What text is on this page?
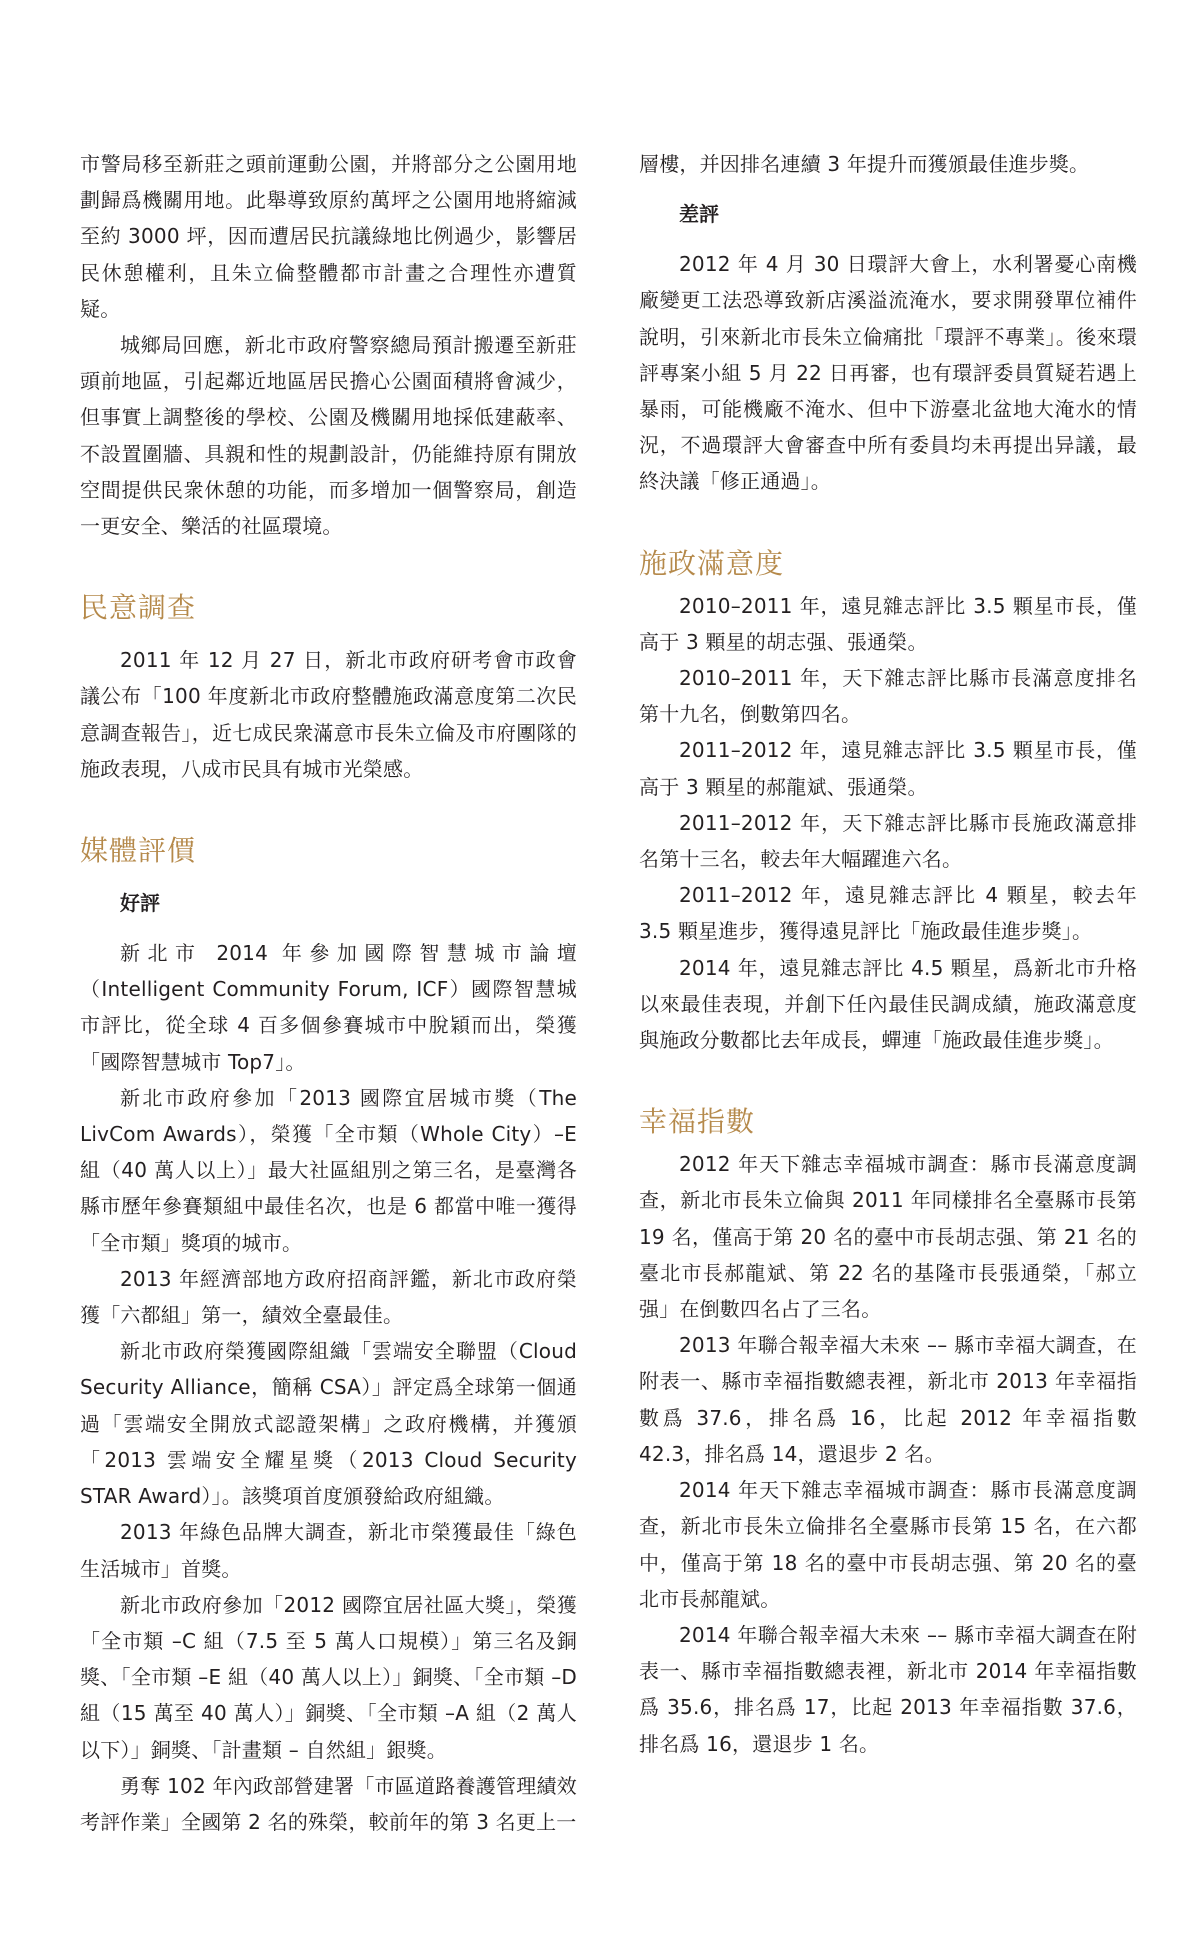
市警局移至新莊之頭前運動公園，并將部分之公園用地劃歸爲機關用地。此舉導致原約萬坪之公園用地將縮減至約 3000 坪，因而遭居民抗議綠地比例過少，影響居民休憩權利，且朱立倫整體都市計畫之合理性亦遭質疑。

城鄉局回應，新北市政府警察總局預計搬遷至新莊頭前地區，引起鄰近地區居民擔心公園面積將會減少，但事實上調整後的學校、公園及機關用地採低建蔽率、不設置圍牆、具親和性的規劃設計，仍能維持原有開放空間提供民衆休憩的功能，而多增加一個警察局，創造一更安全、樂活的社區環境。

民意調查

2011 年 12 月 27 日，新北市政府研考會市政會議公布「100 年度新北市政府整體施政滿意度第二次民意調查報告」，近七成民衆滿意市長朱立倫及市府團隊的施政表現，八成市民具有城市光榮感。

媒體評價
好評

新北市 2014 年參加國際智慧城市論壇（Intelligent Community Forum, ICF）國際智慧城市評比，從全球 4 百多個參賽城市中脫穎而出，榮獲「國際智慧城市 Top7」。

新北市政府參加「2013 國際宜居城市獎（The LivCom Awards），榮獲「全市類（Whole City）–E 組（40 萬人以上）」最大社區組別之第三名，是臺灣各縣市歷年參賽類組中最佳名次，也是 6 都當中唯一獲得「全市類」獎項的城市。

2013 年經濟部地方政府招商評鑑，新北市政府榮獲「六都組」第一，績效全臺最佳。

新北市政府榮獲國際組織「雲端安全聯盟（Cloud Security Alliance，簡稱 CSA）」評定爲全球第一個通過「雲端安全開放式認證架構」之政府機構，并獲頒「2013 雲端安全耀星獎（2013 Cloud Security STAR Award）」。該獎項首度頒發給政府組織。

2013 年綠色品牌大調查，新北市榮獲最佳「綠色生活城市」首獎。

新北市政府參加「2012 國際宜居社區大獎」，榮獲「全市類 –C 組（7.5 至 5 萬人口規模）」第三名及銅獎、「全市類 –E 組（40 萬人以上）」銅獎、「全市類 –D 組（15 萬至 40 萬人）」銅獎、「全市類 –A 組（2 萬人以下）」銅獎、「計畫類 – 自然組」銀獎。

勇奪 102 年內政部營建署「市區道路養護管理績效考評作業」全國第 2 名的殊榮，較前年的第 3 名更上一

層樓，并因排名連續 3 年提升而獲頒最佳進步獎。

差評

2012 年 4 月 30 日環評大會上，水利署憂心南機廠變更工法恐導致新店溪溢流淹水，要求開發單位補件說明，引來新北市長朱立倫痛批「環評不專業」。後來環評專案小組 5 月 22 日再審，也有環評委員質疑若遇上暴雨，可能機廠不淹水、但中下游臺北盆地大淹水的情況，不過環評大會審查中所有委員均未再提出异議，最終決議「修正通過」。

施政滿意度

2010–2011 年，遠見雜志評比 3.5 顆星市長，僅高于 3 顆星的胡志强、張通榮。

2010–2011 年，天下雜志評比縣市長滿意度排名第十九名，倒數第四名。

2011–2012 年，遠見雜志評比 3.5 顆星市長，僅高于 3 顆星的郝龍斌、張通榮。

2011–2012 年，天下雜志評比縣市長施政滿意排名第十三名，較去年大幅躍進六名。

2011–2012 年，遠見雜志評比 4 顆星，較去年 3.5 顆星進步，獲得遠見評比「施政最佳進步獎」。

2014 年，遠見雜志評比 4.5 顆星，爲新北市升格以來最佳表現，并創下任內最佳民調成績，施政滿意度與施政分數都比去年成長，蟬連「施政最佳進步獎」。

幸福指數

2012 年天下雜志幸福城市調查：縣市長滿意度調查，新北市長朱立倫與 2011 年同樣排名全臺縣市長第 19 名，僅高于第 20 名的臺中市長胡志强、第 21 名的臺北市長郝龍斌、第 22 名的基隆市長張通榮，「郝立强」在倒數四名占了三名。

2013 年聯合報幸福大未來 –– 縣市幸福大調查，在附表一、縣市幸福指數總表裡，新北市 2013 年幸福指數爲 37.6，排名爲 16，比起 2012 年幸福指數 42.3，排名爲 14，還退步 2 名。

2014 年天下雜志幸福城市調查：縣市長滿意度調查，新北市長朱立倫排名全臺縣市長第 15 名，在六都中，僅高于第 18 名的臺中市長胡志强、第 20 名的臺北市長郝龍斌。

2014 年聯合報幸福大未來 –– 縣市幸福大調查在附表一、縣市幸福指數總表裡，新北市 2014 年幸福指數爲 35.6，排名爲 17，比起 2013 年幸福指數 37.6，排名爲 16，還退步 1 名。
